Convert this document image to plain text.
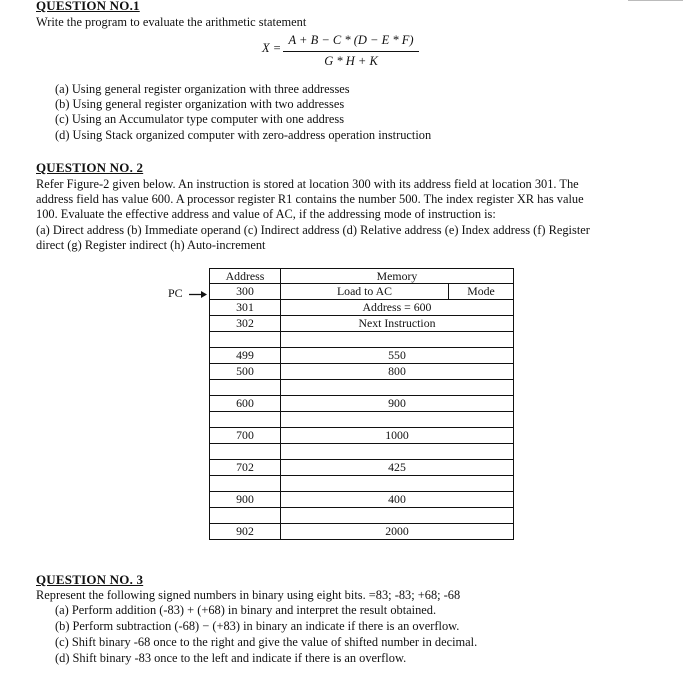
QUESTION NO.1
Write the program to evaluate the arithmetic statement
X =
A + B − C * (D − E * F)
G * H + K
(a) Using general register organization with three addresses
(b) Using general register organization with two addresses
(c) Using an Accumulator type computer with one address
(d) Using Stack organized computer with zero-address operation instruction
QUESTION NO. 2
Refer Figure-2 given below. An instruction is stored at location 300 with its address field at location 301. The
address field has value 600. A processor register R1 contains the number 500. The index register XR has value
100. Evaluate the effective address and value of AC, if the addressing mode of instruction is:
(a) Direct address (b) Immediate operand (c) Indirect address (d) Relative address (e) Index address (f) Register
direct (g) Register indirect (h) Auto-increment
PC
Address	Memory	
300	Load to AC	Mode
301	Address = 600	
302	Next Instruction	

499	550	
500	800	

600	900	

700	1000	

702	425	

900	400	

902	2000	
QUESTION NO. 3
Represent the following signed numbers in binary using eight bits. =83; -83; +68; -68
(a) Perform addition (-83) + (+68) in binary and interpret the result obtained.
(b) Perform subtraction (-68) − (+83) in binary an indicate if there is an overflow.
(c) Shift binary -68 once to the right and give the value of shifted number in decimal.
(d) Shift binary -83 once to the left and indicate if there is an overflow.
